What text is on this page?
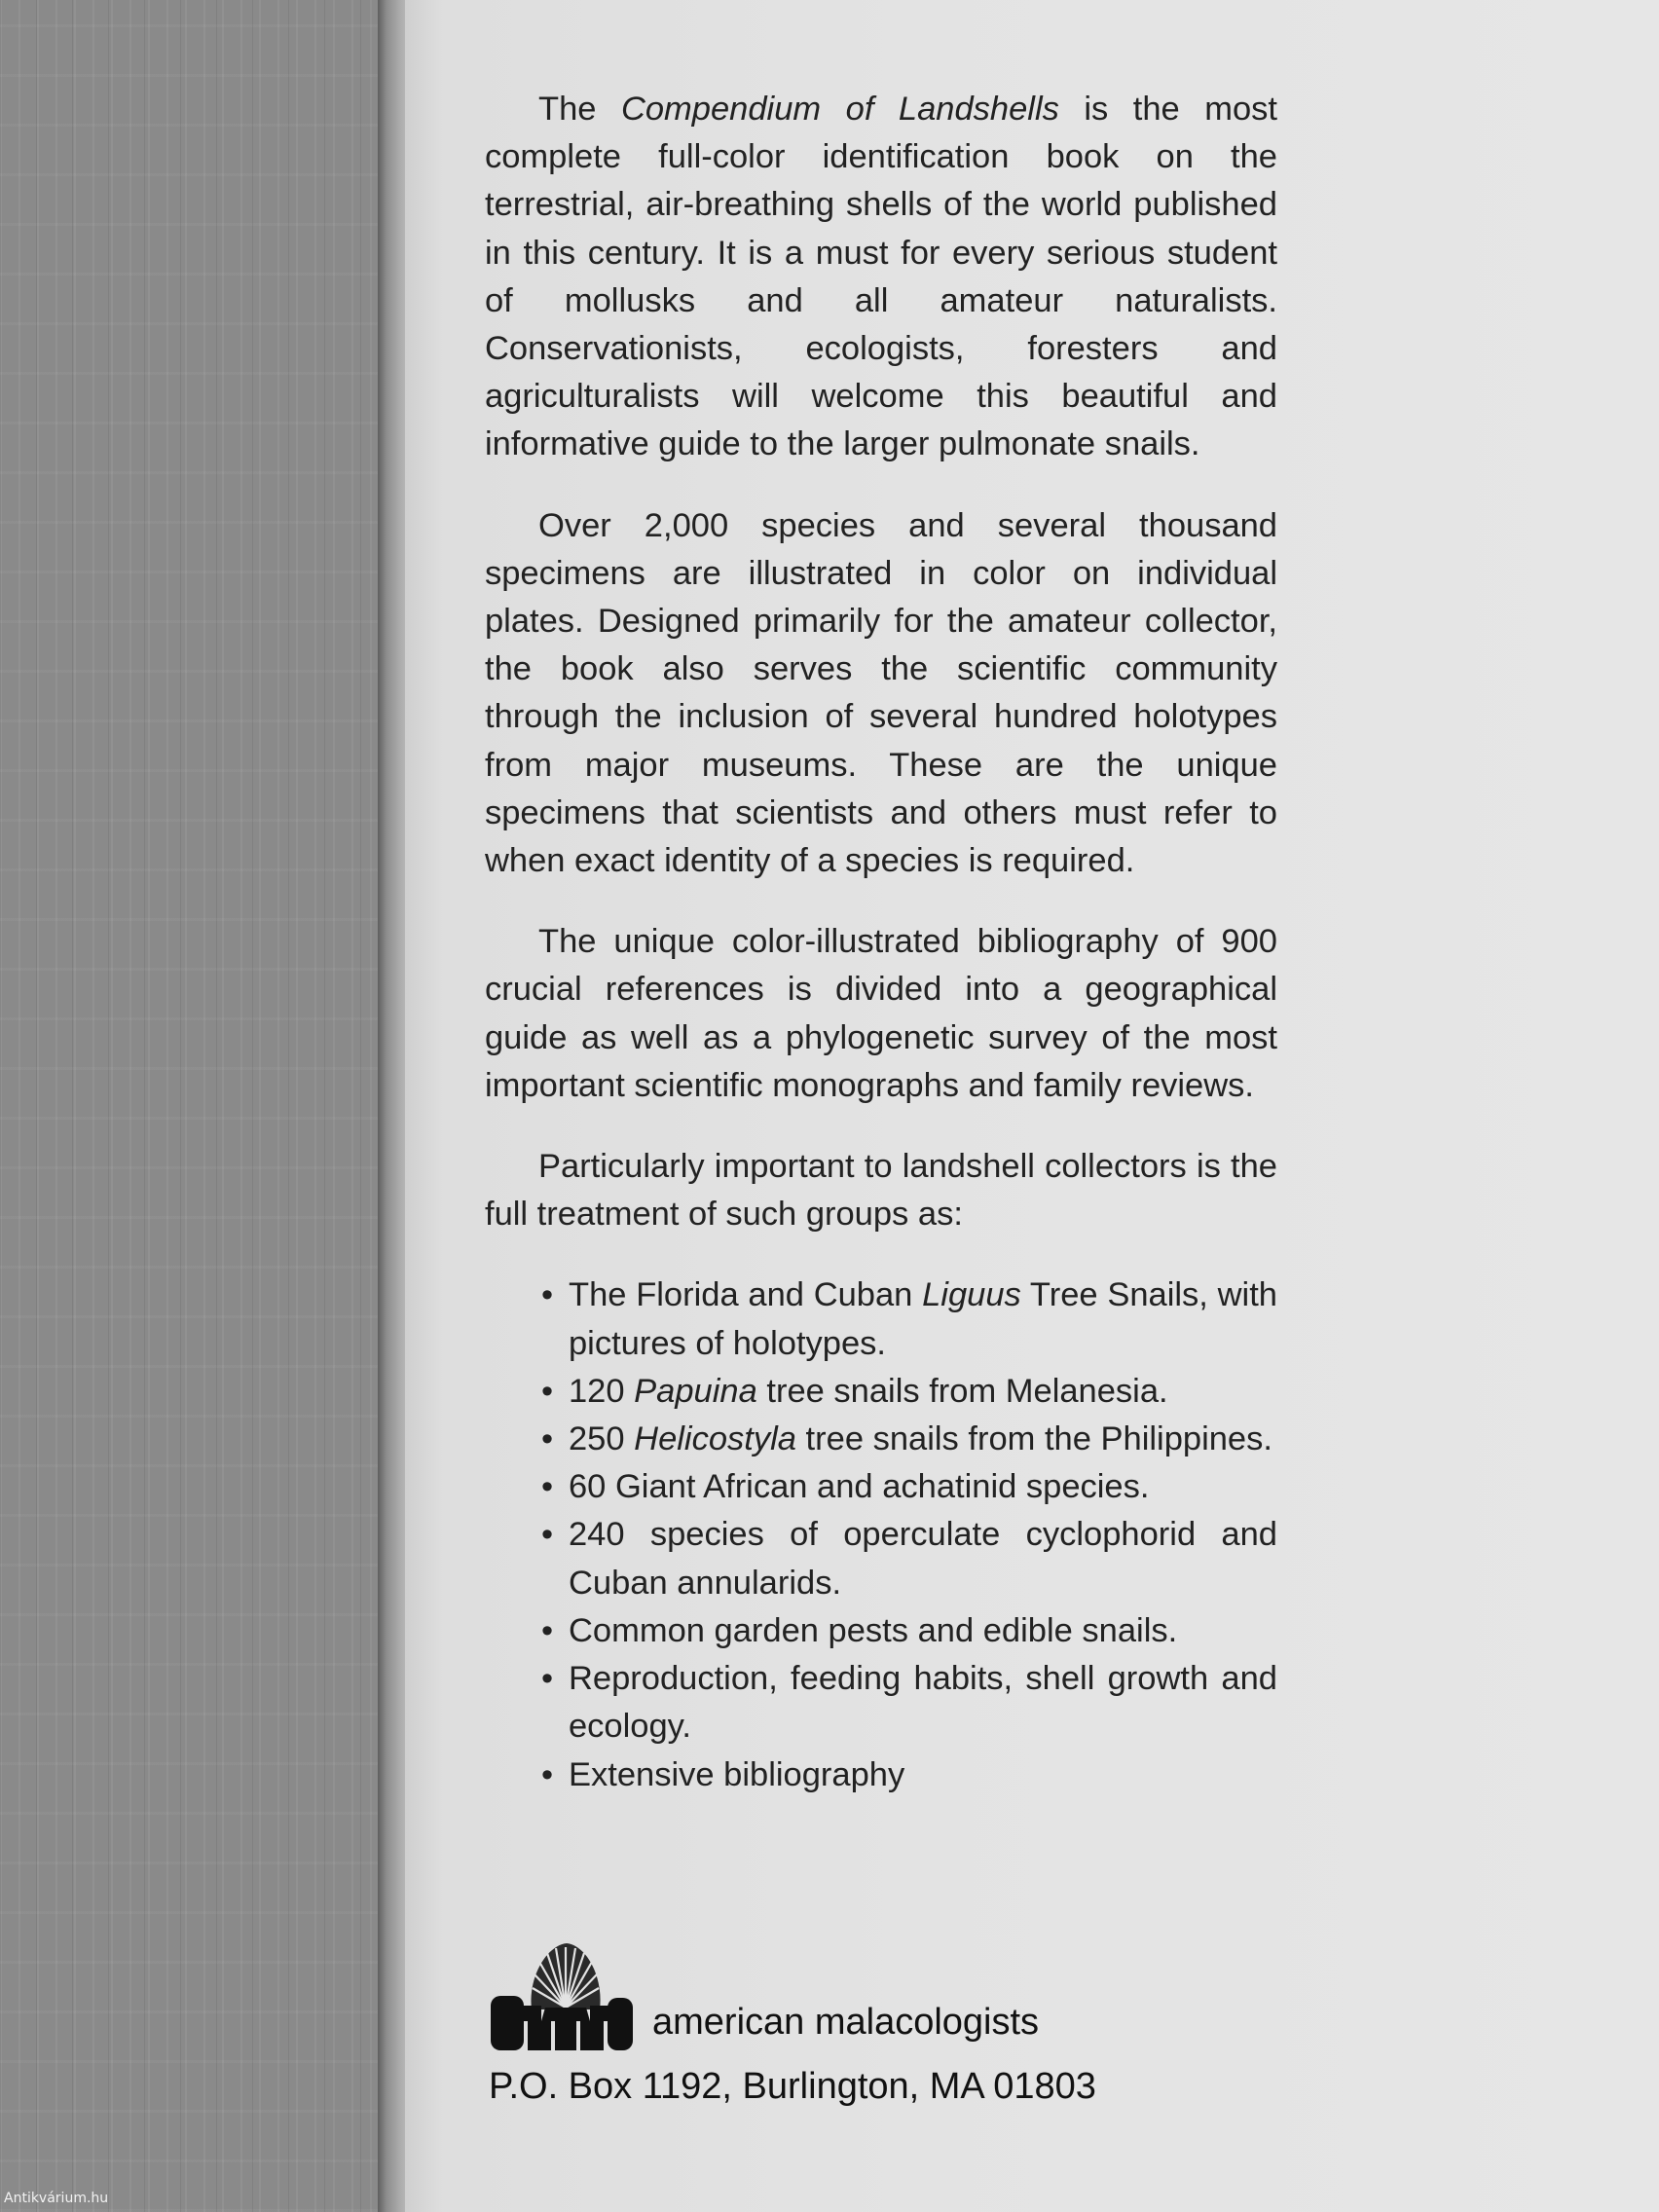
The Compendium of Landshells is the most complete full-color identification book on the terrestrial, air-breathing shells of the world published in this century. It is a must for every serious student of mollusks and all amateur naturalists. Conservationists, ecologists, foresters and agriculturalists will welcome this beautiful and informative guide to the larger pulmonate snails.

Over 2,000 species and several thousand specimens are illustrated in color on individual plates. Designed primarily for the amateur collector, the book also serves the scientific community through the inclusion of several hundred holotypes from major museums. These are the unique specimens that scientists and others must refer to when exact identity of a species is required.

The unique color-illustrated bibliography of 900 crucial references is divided into a geographical guide as well as a phylogenetic survey of the most important scientific monographs and family reviews.

Particularly important to landshell collectors is the full treatment of such groups as:

• The Florida and Cuban Liguus Tree Snails, with pictures of holotypes.
• 120 Papuina tree snails from Melanesia.
• 250 Helicostyla tree snails from the Philippines.
• 60 Giant African and achatinid species.
• 240 species of operculate cyclophorid and Cuban annularids.
• Common garden pests and edible snails.
• Reproduction, feeding habits, shell growth and ecology.
• Extensive bibliography
american malacologists
P.O. Box 1192, Burlington, MA 01803
Antikvárium.hu
